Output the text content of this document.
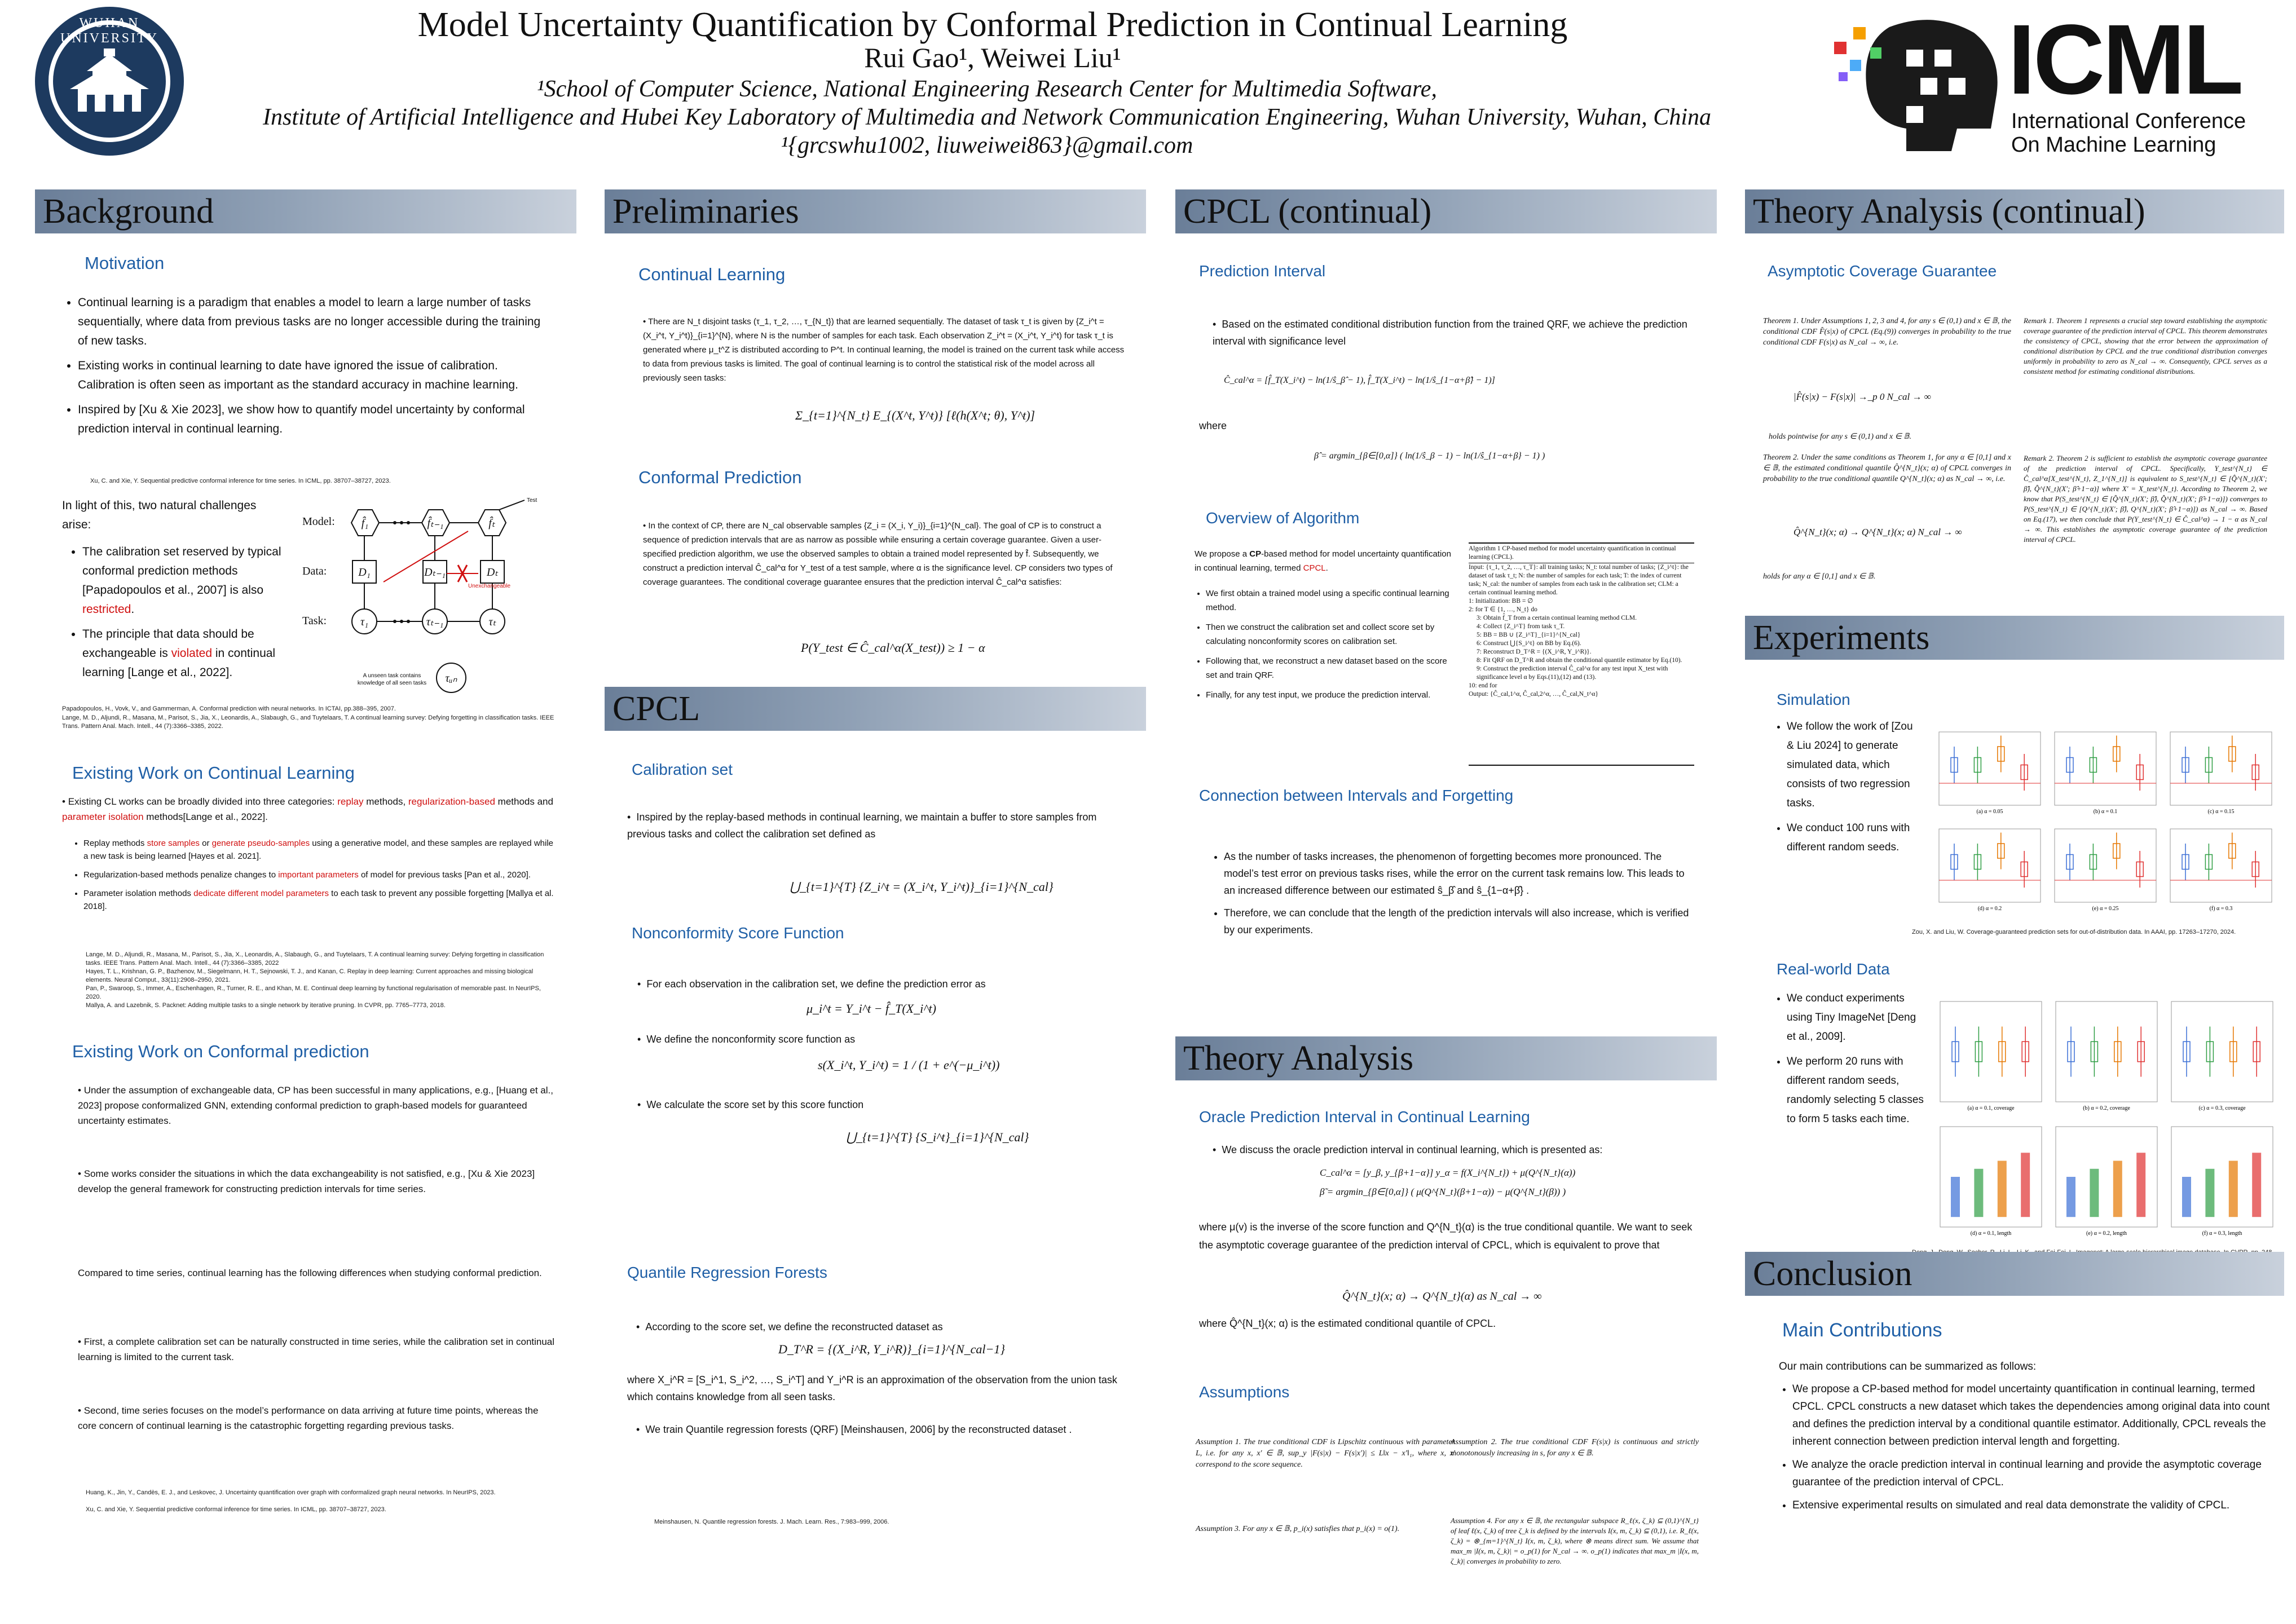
WUHAN UNIVERSITY	Model Uncertainty Quantification by Conformal Prediction in Continual Learning
Rui Gao¹, Weiwei Liu¹
¹School of Computer Science, National Engineering Research Center for Multimedia Software,
Institute of Artificial Intelligence and Hubei Key Laboratory of Multimedia and Network Communication Engineering, Wuhan University, Wuhan, China
¹{grcswhu1002, liuweiwei863}@gmail.com
ICML
International Conference
On Machine Learning
Background
Motivation
• Continual learning is a paradigm that enables a model to learn a large number of tasks sequentially, where data from previous tasks are no longer accessible during the training of new tasks.
• Existing works in continual learning to date have ignored the issue of calibration. Calibration is often seen as important as the standard accuracy in machine learning.
• Inspired by [Xu & Xie 2023], we show how to quantify model uncertainty by conformal prediction interval in continual learning.
Xu, C. and Xie, Y. Sequential predictive conformal inference for time series. In ICML, pp. 38707–38727, 2023.
In light of this, two natural challenges arise:
• The calibration set reserved by typical conformal prediction methods [Papadopoulos et al., 2007] is also restricted.
• The principle that data should be exchangeable is violated in continual learning [Lange et al., 2022].
f̂₁	f̂ₜ₋₁	f̂ₜ
D₁	Dₜ₋₁	Dₜ
τ₁	τₜ₋₁	τₜ
τᵤₙ
Model:
Data:
Task:
Test
Unexchangeable
A unseen task contains knowledge of all seen tasks
Papadopoulos, H., Vovk, V., and Gammerman, A. Conformal prediction with neural networks. In ICTAI, pp.388–395, 2007.
Lange, M. D., Aljundi, R., Masana, M., Parisot, S., Jia, X., Leonardis, A., Slabaugh, G., and Tuytelaars, T. A continual learning survey: Defying forgetting in classification tasks. IEEE Trans. Pattern Anal. Mach. Intell., 44 (7):3366–3385, 2022.
Existing Work on Continual Learning
• Existing CL works can be broadly divided into three categories: replay methods, regularization-based methods and parameter isolation methods[Lange et al., 2022].
• Replay methods store samples or generate pseudo-samples using a generative model, and these samples are replayed while a new task is being learned [Hayes et al. 2021].
• Regularization-based methods penalize changes to important parameters of model for previous tasks [Pan et al., 2020].
• Parameter isolation methods dedicate different model parameters to each task to prevent any possible forgetting [Mallya et al. 2018].
Lange, M. D., Aljundi, R., Masana, M., Parisot, S., Jia, X., Leonardis, A., Slabaugh, G., and Tuytelaars, T. A continual learning survey: Defying forgetting in classification tasks. IEEE Trans. Pattern Anal. Mach. Intell., 44 (7):3366–3385, 2022
Hayes, T. L., Krishnan, G. P., Bazhenov, M., Siegelmann, H. T., Sejnowski, T. J., and Kanan, C. Replay in deep learning: Current approaches and missing biological elements. Neural Comput., 33(11):2908–2950, 2021.
Pan, P., Swaroop, S., Immer, A., Eschenhagen, R., Turner, R. E., and Khan, M. E. Continual deep learning by functional regularisation of memorable past. In NeurIPS, 2020.
Mallya, A. and Lazebnik, S. Packnet: Adding multiple tasks to a single network by iterative pruning. In CVPR, pp. 7765–7773, 2018.
Existing Work on Conformal prediction
• Under the assumption of exchangeable data, CP has been successful in many applications, e.g., [Huang et al., 2023] propose conformalized GNN, extending conformal prediction to graph-based models for guaranteed uncertainty estimates.
• Some works consider the situations in which the data exchangeability is not satisfied, e.g., [Xu & Xie 2023] develop the general framework for constructing prediction intervals for time series.
Compared to time series, continual learning has the following differences when studying conformal prediction.
• First, a complete calibration set can be naturally constructed in time series, while the calibration set in continual learning is limited to the current task.
• Second, time series focuses on the model’s performance on data arriving at future time points, whereas the core concern of continual learning is the catastrophic forgetting regarding previous tasks.
Huang, K., Jin, Y., Candès, E. J., and Leskovec, J. Uncertainty quantification over graph with conformalized graph neural networks. In NeurIPS, 2023.
Xu, C. and Xie, Y. Sequential predictive conformal inference for time series. In ICML, pp. 38707–38727, 2023.
Preliminaries
Continual Learning
• There are N_t disjoint tasks (τ_1, τ_2, …, τ_{N_t}) that are learned sequentially. The dataset of task τ_t is given by {Z_i^t = (X_i^t, Y_i^t)}_{i=1}^{N}, where N is the number of samples for each task. Each observation Z_i^t = (X_i^t, Y_i^t) for task τ_t is generated where μ_t^Z is distributed according to P^t. In continual learning, the model is trained on the current task while access to data from previous tasks is limited. The goal of continual learning is to control the statistical risk of the model across all previously seen tasks:
Σ_{t=1}^{N_t} E_{(X^t, Y^t)} [ℓ(h(X^t; θ), Y^t)]
Conformal Prediction
• In the context of CP, there are N_cal observable samples {Z_i = (X_i, Y_i)}_{i=1}^{N_cal}. The goal of CP is to construct a sequence of prediction intervals that are as narrow as possible while ensuring a certain coverage guarantee. Given a user-specified prediction algorithm, we use the observed samples to obtain a trained model represented by f̂. Subsequently, we construct a prediction interval Ĉ_cal^α for Y_test of a test sample, where α is the significance level. CP considers two types of coverage guarantees. The conditional coverage guarantee ensures that the prediction interval Ĉ_cal^α satisfies:
P(Y_test ∈ Ĉ_cal^α(X_test)) ≥ 1 − α
CPCL
Calibration set
•  Inspired by the replay-based methods in continual learning, we maintain a buffer to store samples from previous tasks and collect the calibration set defined as
⋃_{t=1}^{T} {Z_i^t = (X_i^t, Y_i^t)}_{i=1}^{N_cal}
Nonconformity Score Function
•  For each observation in the calibration set, we define the prediction error as
μ_i^t = Y_i^t − f̂_T(X_i^t)
•  We define the nonconformity score function as
s(X_i^t, Y_i^t) = 1 / (1 + e^(−μ_i^t))
•  We calculate the score set by this score function
⋃_{t=1}^{T} {S_i^t}_{i=1}^{N_cal}
Quantile Regression Forests
•  According to the score set, we define the reconstructed dataset as
D_T^R = {(X_i^R, Y_i^R)}_{i=1}^{N_cal−1}
where X_i^R = [S_i^1, S_i^2, …, S_i^T] and Y_i^R is an approximation of the observation from the union task which contains knowledge from all seen tasks.
•  We train Quantile regression forests (QRF) [Meinshausen, 2006] by the reconstructed dataset .
Meinshausen, N. Quantile regression forests. J. Mach. Learn. Res., 7:983–999, 2006.
CPCL (continual)
Prediction Interval
•  Based on the estimated conditional distribution function from the trained QRF, we achieve the prediction interval with significance level
Ĉ_cal^α = [f̂_T(X_i^t) − ln(1/ŝ_β̂ − 1), f̂_T(X_i^t) − ln(1/ŝ_{1−α+β̂} − 1)]
where
β̂ = argmin_{β∈[0,α]} ( ln(1/ŝ_β − 1) − ln(1/ŝ_{1−α+β} − 1) )
Overview of Algorithm
We propose a CP-based method for model uncertainty quantification in continual learning, termed CPCL.
• We first obtain a trained model using a specific continual learning method.
• Then we construct the calibration set and collect score set by calculating nonconformity scores on calibration set.
• Following that, we reconstruct a new dataset based on the score set and train QRF.
• Finally, for any test input, we produce the prediction interval.
Algorithm 1 CP-based method for model uncertainty quantification in continual learning (CPCL).
Input: {τ_1, τ_2, …, τ_T}: all training tasks; N_t: total number of tasks; {Z_i^t}: the dataset of task τ_t; N: the number of samples for each task; T: the index of current task; N_cal: the number of samples from each task in the calibration set; CLM: a certain continual learning method.
1: Initialization: BB = ∅
2: for T ∈ {1, …, N_t} do
3: Obtain f̂_T from a certain continual learning method CLM.
4: Collect {Z_i^T} from task τ_T.
5: BB = BB ∪ {Z_i^T}_{i=1}^{N_cal}
6: Construct ⋃{S_i^t} on BB by Eq.(6).
7: Reconstruct D_T^R = {(X_i^R, Y_i^R)}.
8: Fit QRF on D_T^R and obtain the conditional quantile estimator by Eq.(10).
9: Construct the prediction interval Ĉ_cal^α for any test input X_test with significance level α by Eqs.(11),(12) and (13).
10: end for
Output: {Ĉ_cal,1^α, Ĉ_cal,2^α, …, Ĉ_cal,N_t^α}
Connection between Intervals and Forgetting
• As the number of tasks increases, the phenomenon of forgetting becomes more pronounced. The model’s test error on previous tasks rises, while the error on the current task remains low. This leads to an increased difference between our estimated ŝ_β̂ and ŝ_{1−α+β̂} .
• Therefore, we can conclude that the length of the prediction intervals will also increase, which is verified by our experiments.
Theory Analysis
Oracle Prediction Interval in Continual Learning
•  We discuss the oracle prediction interval in continual learning, which is presented as:
C_cal^α = [y_β, y_{β+1−α}] y_α = f(X_i^{N_t}) + μ(Q^{N_t}(α))
β̃ = argmin_{β∈[0,α]} ( μ(Q^{N_t}(β+1−α)) − μ(Q^{N_t}(β)) )
where μ(v) is the inverse of the score function and Q^{N_t}(α) is the true conditional quantile. We want to seek the asymptotic coverage guarantee of the prediction interval of CPCL, which is equivalent to prove that
Q̂^{N_t}(x; α) → Q^{N_t}(α) as N_cal → ∞
where Q̂^{N_t}(x; α) is the estimated conditional quantile of CPCL.
Assumptions
Assumption 1. The true conditional CDF is Lipschitz continuous with parameter L, i.e. for any x, x′ ∈ 𝔹, sup_y |F(s|x) − F(s|x′)| ≤ L‖x − x′‖₁, where x, x′ correspond to the score sequence.
Assumption 2. The true conditional CDF F(s|x) is continuous and strictly monotonously increasing in s, for any x ∈ 𝔹.
Assumption 3. For any x ∈ 𝔹, p_i(x) satisfies that p_i(x) = o(1).
Assumption 4. For any x ∈ 𝔹, the rectangular subspace R_ℓ(x, ζ_k) ⊆ (0,1)^{N_t} of leaf ℓ(x, ζ_k) of tree ζ_k is defined by the intervals I(x, m, ζ_k) ⊆ (0,1), i.e. R_ℓ(x, ζ_k) = ⊗_{m=1}^{N_t} I(x, m, ζ_k), where ⊗ means direct sum. We assume that max_m |I(x, m, ζ_k)| = o_p(1) for N_cal → ∞. o_p(1) indicates that max_m |I(x, m, ζ_k)| converges in probability to zero.
Theory Analysis (continual)
Asymptotic Coverage Guarantee
Theorem 1. Under Assumptions 1, 2, 3 and 4, for any s ∈ (0,1) and x ∈ 𝔹, the conditional CDF F̂(s|x) of CPCL (Eq.(9)) converges in probability to the true conditional CDF F(s|x) as N_cal → ∞, i.e.
|F̂(s|x) − F(s|x)| →_p 0 N_cal → ∞
holds pointwise for any s ∈ (0,1) and x ∈ 𝔹.
Theorem 2. Under the same conditions as Theorem 1, for any α ∈ [0,1] and x ∈ 𝔹, the estimated conditional quantile Q̂^{N_t}(x; α) of CPCL converges in probability to the true conditional quantile Q^{N_t}(x; α) as N_cal → ∞, i.e.
Q̂^{N_t}(x; α) → Q^{N_t}(x; α) N_cal → ∞
holds for any α ∈ [0,1] and x ∈ 𝔹.
Remark 1. Theorem 1 represents a crucial step toward establishing the asymptotic coverage guarantee of the prediction interval of CPCL. This theorem demonstrates the consistency of CPCL, showing that the error between the approximation of conditional distribution by CPCL and the true conditional distribution converges uniformly in probability to zero as N_cal → ∞. Consequently, CPCL serves as a consistent method for estimating conditional distributions.
Remark 2. Theorem 2 is sufficient to establish the asymptotic coverage guarantee of the prediction interval of CPCL. Specifically, Y_test^{N_t} ∈ Ĉ_cal^α[X_test^{N_t}, Z_1^{N_t}] is equivalent to S_test^{N_t} ∈ [Q̂^{N_t}(X′; β̂), Q̂^{N_t}(X′; β̂+1−α)] where X′ = X_test^{N_t}. According to Theorem 2, we know that P(S_test^{N_t} ∈ [Q̂^{N_t}(X′; β̂), Q̂^{N_t}(X′; β̂+1−α)]) converges to P(S_test^{N_t} ∈ [Q^{N_t}(X′; β̂), Q^{N_t}(X′; β̂+1−α)]) as N_cal → ∞. Based on Eq.(17), we then conclude that P(Y_test^{N_t} ∈ Ĉ_cal^α) → 1 − α as N_cal → ∞. This establishes the asymptotic coverage guarantee of the prediction interval of CPCL.
Experiments
Simulation
• We follow the work of [Zou & Liu 2024] to generate simulated data, which consists of two regression tasks.
• We conduct 100 runs with different random seeds.
(a) α = 0.05	(b) α = 0.1	(c) α = 0.15
(d) α = 0.2	(e) α = 0.25	(f) α = 0.3
Zou, X. and Liu, W. Coverage-guaranteed prediction sets for out-of-distribution data. In AAAI, pp. 17263–17270, 2024.
Real-world Data
• We conduct experiments using Tiny ImageNet [Deng et al., 2009].
• We perform 20 runs with different random seeds, randomly selecting 5 classes to form 5 tasks each time.
(a) α = 0.1, coverage	(b) α = 0.2, coverage	(c) α = 0.3, coverage
(d) α = 0.1, length	(e) α = 0.2, length	(f) α = 0.3, length
Conclusion
Main Contributions
Our main contributions can be summarized as follows:
• We propose a CP-based method for model uncertainty quantification in continual learning, termed CPCL. CPCL constructs a new dataset which takes the dependencies among original data into count and defines the prediction interval by a conditional quantile estimator. Additionally, CPCL reveals the inherent connection between prediction interval length and forgetting.
• We analyze the oracle prediction interval in continual learning and provide the asymptotic coverage guarantee of the prediction interval of CPCL.
• Extensive experimental results on simulated and real data demonstrate the validity of CPCL.
